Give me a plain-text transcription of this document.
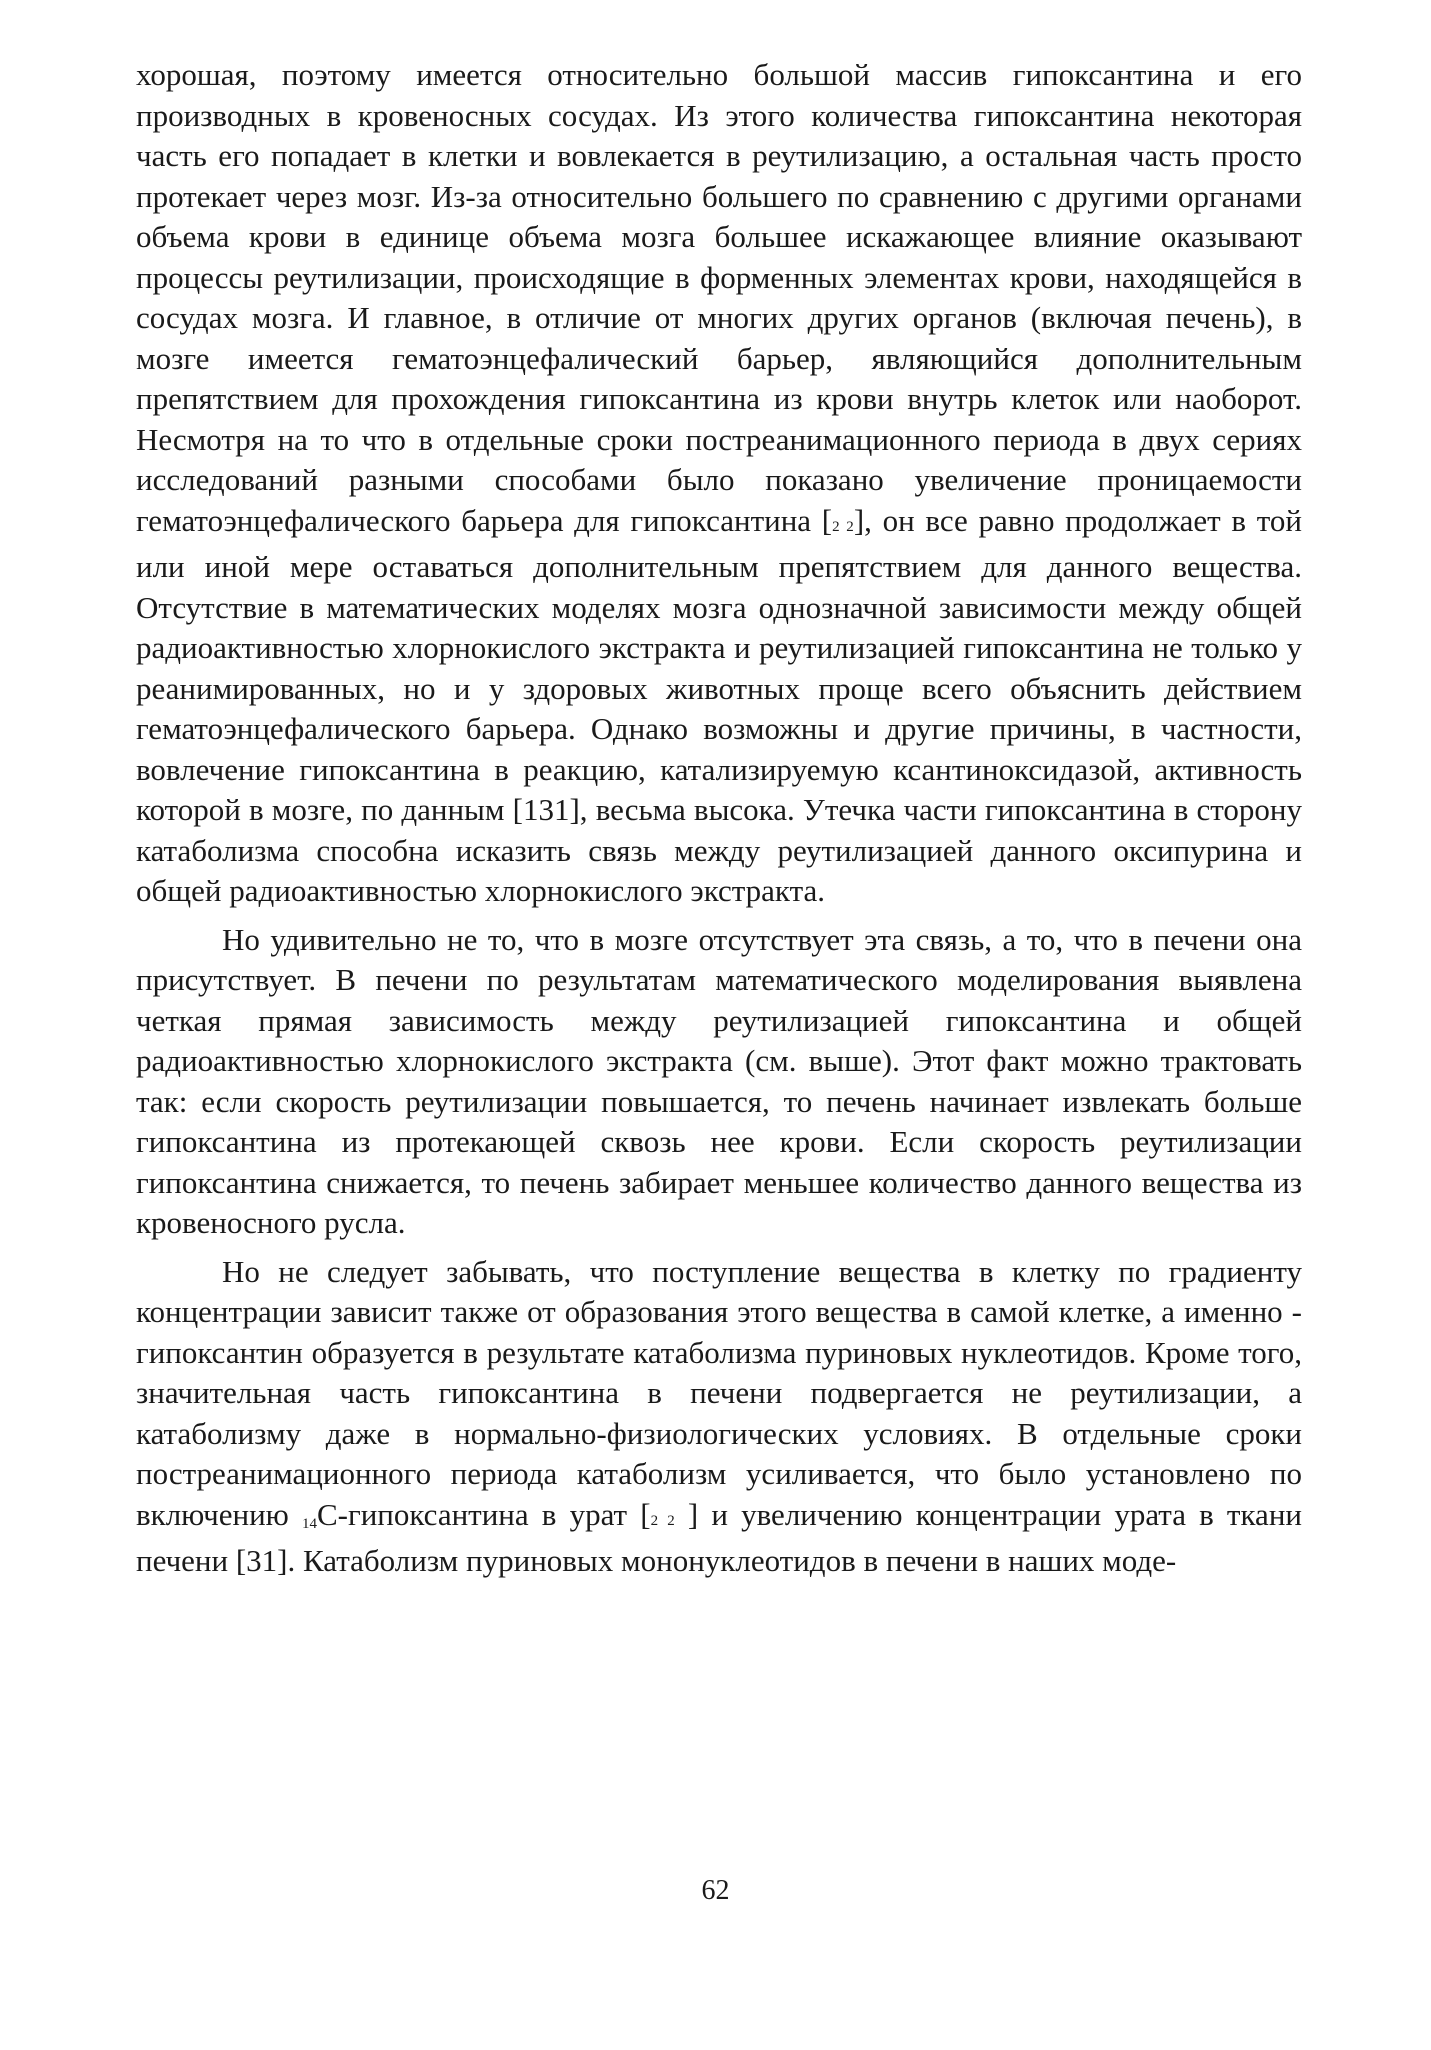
хорошая, поэтому имеется относительно большой массив гипоксантина и его производных в кровеносных сосудах. Из этого количества гипоксантина некоторая часть его попадает в клетки и вовлекается в реутилизацию, а остальная часть просто протекает через мозг. Из-за относительно большего по сравнению с другими органами объема крови в единице объема мозга большее искажающее влияние оказывают процессы реутилизации, происходящие в форменных элементах крови, находящейся в сосудах мозга. И главное, в отличие от многих других органов (включая печень), в мозге имеется гематоэнцефалический барьер, являющийся дополнительным препятствием для прохождения гипоксантина из крови внутрь клеток или наоборот. Несмотря на то что в отдельные сроки постреанимационного периода в двух сериях исследований разными способами было показано увеличение проницаемости гематоэнцефалического барьера для гипоксантина [2 2], он все равно продолжает в той или иной мере оставаться дополнительным препятствием для данного вещества. Отсутствие в математических моделях мозга однозначной зависимости между общей радиоактивностью хлорнокислого экстракта и реутилизацией гипоксантина не только у реанимированных, но и у здоровых животных проще всего объяснить действием гематоэнцефалического барьера. Однако возможны и другие причины, в частности, вовлечение гипоксантина в реакцию, катализируемую ксантиноксидазой, активность которой в мозге, по данным [131], весьма высока. Утечка части гипоксантина в сторону катаболизма способна исказить связь между реутилизацией данного оксипурина и общей радиоактивностью хлорнокислого экстракта.

Но удивительно не то, что в мозге отсутствует эта связь, а то, что в печени она присутствует. В печени по результатам математического моделирования выявлена четкая прямая зависимость между реутилизацией гипоксантина и общей радиоактивностью хлорнокислого экстракта (см. выше). Этот факт можно трактовать так: если скорость реутилизации повышается, то печень начинает извлекать больше гипоксантина из протекающей сквозь нее крови. Если скорость реутилизации гипоксантина снижается, то печень забирает меньшее количество данного вещества из кровеносного русла.

Но не следует забывать, что поступление вещества в клетку по градиенту концентрации зависит также от образования этого вещества в самой клетке, а именно - гипоксантин образуется в результате катаболизма пуриновых нуклеотидов. Кроме того, значительная часть гипоксантина в печени подвергается не реутилизации, а катаболизму даже в нормально-физиологических условиях. В отдельные сроки постреанимационного периода катаболизм усиливается, что было установлено по включению 14С-гипоксантина в урат [2 2 ] и увеличению концентрации урата в ткани печени [31]. Катаболизм пуриновых мононуклеотидов в печени в наших моде-

62
